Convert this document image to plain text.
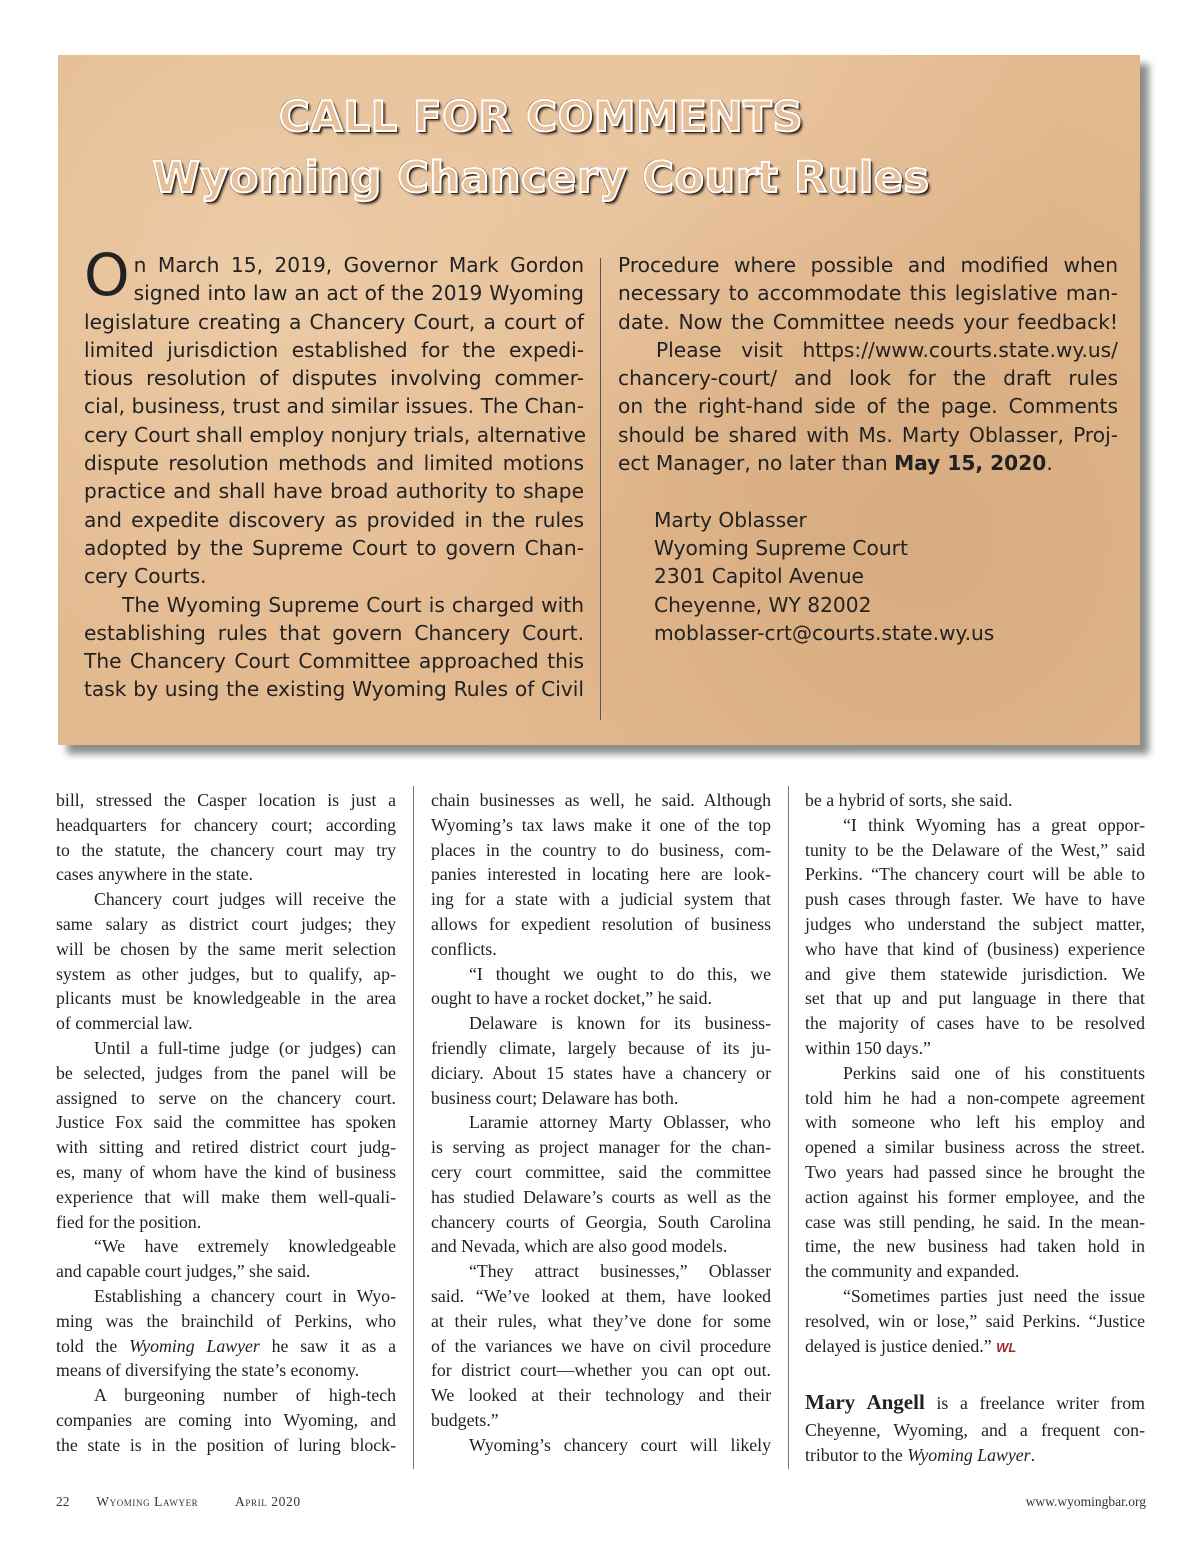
CALL FOR COMMENTS
Wyoming Chancery Court Rules
O n March 15, 2019, Governor Mark Gordon
signed into law an act of the 2019 Wyoming
legislature creating a Chancery Court, a court of
limited jurisdiction established for the expedi-
tious resolution of disputes involving commer-
cial, business, trust and similar issues. The Chan-
cery Court shall employ nonjury trials, alternative
dispute resolution methods and limited motions
practice and shall have broad authority to shape
and expedite discovery as provided in the rules
adopted by the Supreme Court to govern Chan-
cery Courts.
The Wyoming Supreme Court is charged with
establishing rules that govern Chancery Court.
The Chancery Court Committee approached this
task by using the existing Wyoming Rules of Civil
Procedure where possible and modified when
necessary to accommodate this legislative man-
date. Now the Committee needs your feedback!
Please visit https://www.courts.state.wy.us/
chancery-court/ and look for the draft rules
on the right-hand side of the page. Comments
should be shared with Ms. Marty Oblasser, Proj-
ect Manager, no later than May 15, 2020.
Marty Oblasser
Wyoming Supreme Court
2301 Capitol Avenue
Cheyenne, WY 82002
moblasser-crt@courts.state.wy.us
bill, stressed the Casper location is just a
headquarters for chancery court; according
to the statute, the chancery court may try
cases anywhere in the state.
Chancery court judges will receive the
same salary as district court judges; they
will be chosen by the same merit selection
system as other judges, but to qualify, ap-
plicants must be knowledgeable in the area
of commercial law.
Until a full-time judge (or judges) can
be selected, judges from the panel will be
assigned to serve on the chancery court.
Justice Fox said the committee has spoken
with sitting and retired district court judg-
es, many of whom have the kind of business
experience that will make them well-quali-
fied for the position.
“We have extremely knowledgeable
and capable court judges,” she said.
Establishing a chancery court in Wyo-
ming was the brainchild of Perkins, who
told the Wyoming Lawyer he saw it as a
means of diversifying the state’s economy.
A burgeoning number of high-tech
companies are coming into Wyoming, and
the state is in the position of luring block-
chain businesses as well, he said. Although
Wyoming’s tax laws make it one of the top
places in the country to do business, com-
panies interested in locating here are look-
ing for a state with a judicial system that
allows for expedient resolution of business
conflicts.
“I thought we ought to do this, we
ought to have a rocket docket,” he said.
Delaware is known for its business-
friendly climate, largely because of its ju-
diciary. About 15 states have a chancery or
business court; Delaware has both.
Laramie attorney Marty Oblasser, who
is serving as project manager for the chan-
cery court committee, said the committee
has studied Delaware’s courts as well as the
chancery courts of Georgia, South Carolina
and Nevada, which are also good models.
“They attract businesses,” Oblasser
said. “We’ve looked at them, have looked
at their rules, what they’ve done for some
of the variances we have on civil procedure
for district court—whether you can opt out.
We looked at their technology and their
budgets.”
Wyoming’s chancery court will likely
be a hybrid of sorts, she said.
“I think Wyoming has a great oppor-
tunity to be the Delaware of the West,” said
Perkins. “The chancery court will be able to
push cases through faster. We have to have
judges who understand the subject matter,
who have that kind of (business) experience
and give them statewide jurisdiction. We
set that up and put language in there that
the majority of cases have to be resolved
within 150 days.”
Perkins said one of his constituents
told him he had a non-compete agreement
with someone who left his employ and
opened a similar business across the street.
Two years had passed since he brought the
action against his former employee, and the
case was still pending, he said. In the mean-
time, the new business had taken hold in
the community and expanded.
“Sometimes parties just need the issue
resolved, win or lose,” said Perkins. “Justice
delayed is justice denied.” WL
Mary Angell is a freelance writer from
Cheyenne, Wyoming, and a frequent con-
tributor to the Wyoming Lawyer.
22 Wyoming Lawyer	April 2020	www.wyomingbar.org
